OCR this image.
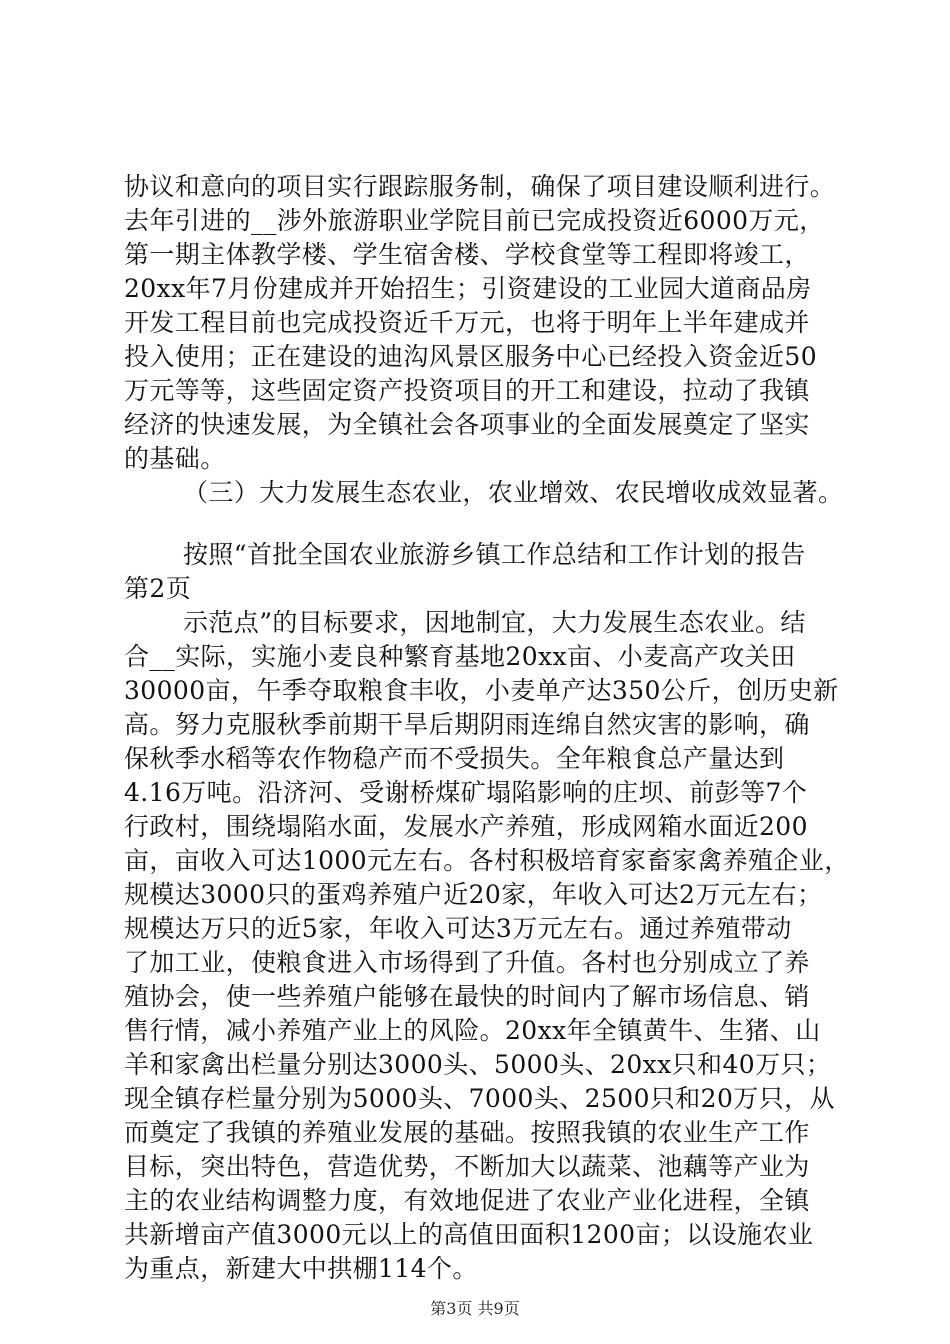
协议和意向的项目实行跟踪服务制，确保了项目建设顺利进行。
去年引进的__涉外旅游职业学院目前已完成投资近6000万元，
第一期主体教学楼、学生宿舍楼、学校食堂等工程即将竣工，
20xx年7月份建成并开始招生；引资建设的工业园大道商品房
开发工程目前也完成投资近千万元，也将于明年上半年建成并
投入使用；正在建设的迪沟风景区服务中心已经投入资金近50
万元等等，这些固定资产投资项目的开工和建设，拉动了我镇
经济的快速发展，为全镇社会各项事业的全面发展奠定了坚实
的基础。
（三）大力发展生态农业，农业增效、农民增收成效显著。
按照“首批全国农业旅游乡镇工作总结和工作计划的报告
第2页
示范点”的目标要求，因地制宜，大力发展生态农业。结
合__实际，实施小麦良种繁育基地20xx亩、小麦高产攻关田
30000亩，午季夺取粮食丰收，小麦单产达350公斤，创历史新
高。努力克服秋季前期干旱后期阴雨连绵自然灾害的影响，确
保秋季水稻等农作物稳产而不受损失。全年粮食总产量达到
4.16万吨。沿济河、受谢桥煤矿塌陷影响的庄坝、前彭等7个
行政村，围绕塌陷水面，发展水产养殖，形成网箱水面近200
亩，亩收入可达1000元左右。各村积极培育家畜家禽养殖企业，
规模达3000只的蛋鸡养殖户近20家，年收入可达2万元左右；
规模达万只的近5家，年收入可达3万元左右。通过养殖带动
了加工业，使粮食进入市场得到了升值。各村也分别成立了养
殖协会，使一些养殖户能够在最快的时间内了解市场信息、销
售行情，减小养殖产业上的风险。20xx年全镇黄牛、生猪、山
羊和家禽出栏量分别达3000头、5000头、20xx只和40万只；
现全镇存栏量分别为5000头、7000头、2500只和20万只，从
而奠定了我镇的养殖业发展的基础。按照我镇的农业生产工作
目标，突出特色，营造优势，不断加大以蔬菜、池藕等产业为
主的农业结构调整力度，有效地促进了农业产业化进程，全镇
共新增亩产值3000元以上的高值田面积1200亩；以设施农业
为重点，新建大中拱棚114个。
第3页 共9页
